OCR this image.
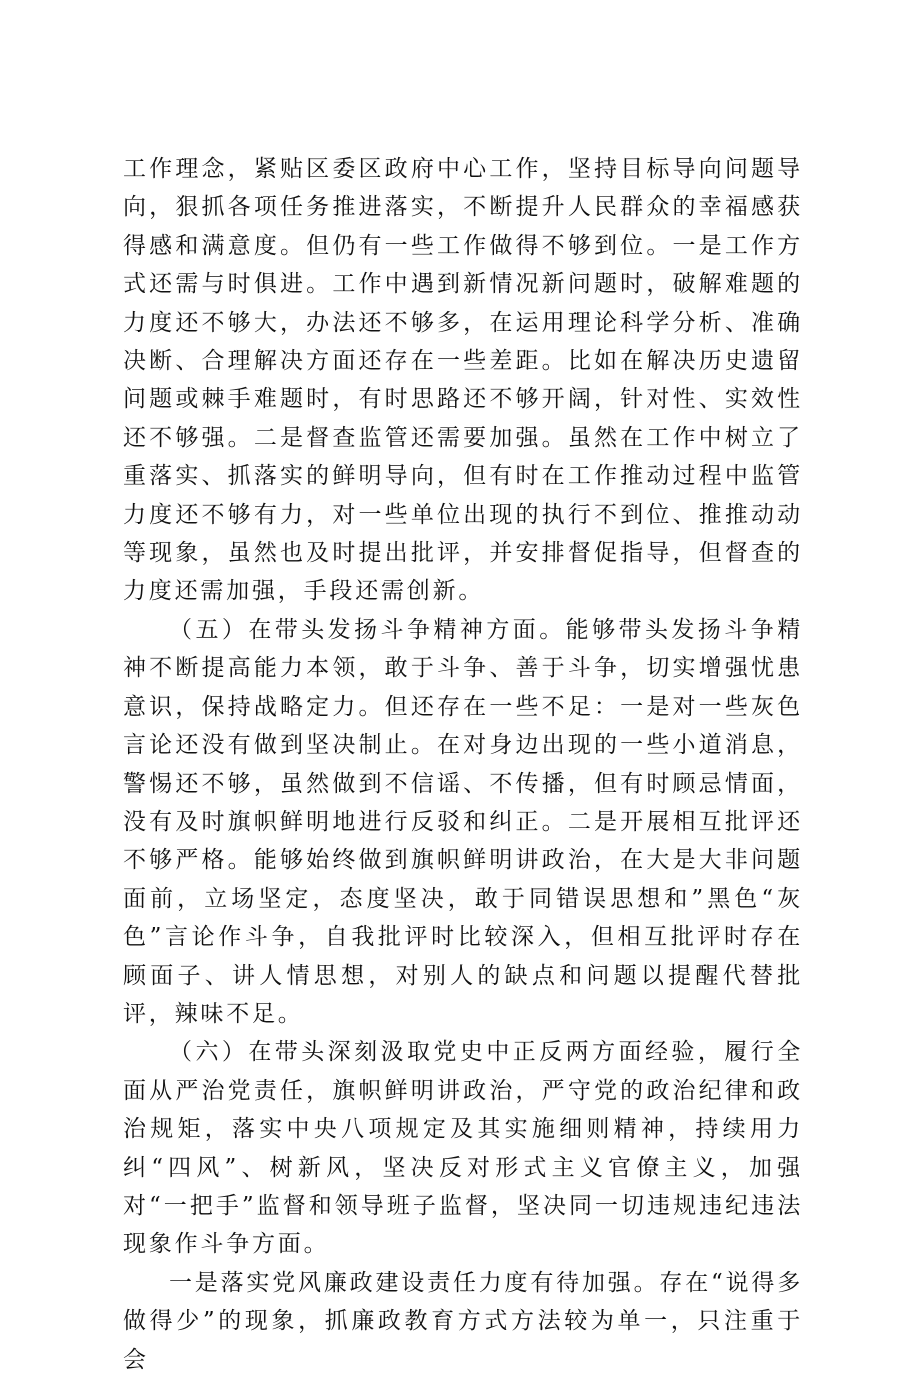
工作理念，紧贴区委区政府中心工作，坚持目标导向问题导向，狠抓各项任务推进落实，不断提升人民群众的幸福感获得感和满意度。但仍有一些工作做得不够到位。一是工作方式还需与时俱进。工作中遇到新情况新问题时，破解难题的力度还不够大，办法还不够多，在运用理论科学分析、准确决断、合理解决方面还存在一些差距。比如在解决历史遗留问题或棘手难题时，有时思路还不够开阔，针对性、实效性还不够强。二是督查监管还需要加强。虽然在工作中树立了重落实、抓落实的鲜明导向，但有时在工作推动过程中监管力度还不够有力，对一些单位出现的执行不到位、推推动动等现象，虽然也及时提出批评，并安排督促指导，但督查的力度还需加强，手段还需创新。

（五）在带头发扬斗争精神方面。能够带头发扬斗争精神不断提高能力本领，敢于斗争、善于斗争，切实增强忧患意识，保持战略定力。但还存在一些不足：一是对一些灰色言论还没有做到坚决制止。在对身边出现的一些小道消息，警惕还不够，虽然做到不信谣、不传播，但有时顾忌情面，没有及时旗帜鲜明地进行反驳和纠正。二是开展相互批评还不够严格。能够始终做到旗帜鲜明讲政治，在大是大非问题面前，立场坚定，态度坚决，敢于同错误思想和”黑色“灰色”言论作斗争，自我批评时比较深入，但相互批评时存在顾面子、讲人情思想，对别人的缺点和问题以提醒代替批评，辣味不足。

（六）在带头深刻汲取党史中正反两方面经验，履行全面从严治党责任，旗帜鲜明讲政治，严守党的政治纪律和政治规矩，落实中央八项规定及其实施细则精神，持续用力纠“四风”、树新风，坚决反对形式主义官僚主义，加强对“一把手”监督和领导班子监督，坚决同一切违规违纪违法现象作斗争方面。

一是落实党风廉政建设责任力度有待加强。存在“说得多做得少”的现象，抓廉政教育方式方法较为单一，只注重于会
